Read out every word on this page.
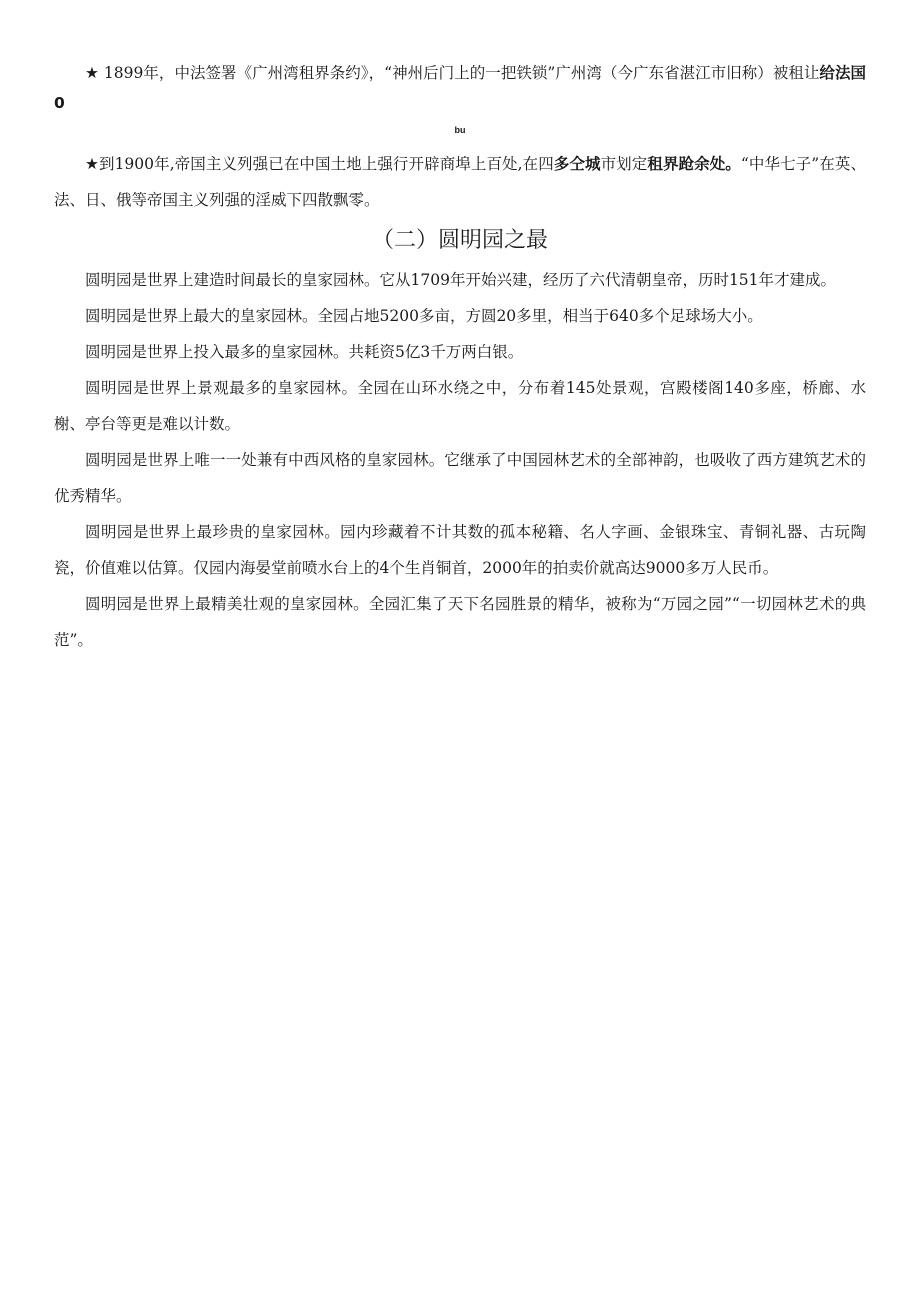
★ 1899年，中法签署《广州湾租界条约》，“神州后门上的一把铁锁”广州湾（今广东省湛江市旧称）被租让给法国0

bu

★到1900年,帝国主义列强已在中国土地上强行开辟商埠上百处,在四多仝城市划定租界跄余处。“中华七子”在英、法、日、俄等帝国主义列强的淫威下四散飘零。

（二）圆明园之最

圆明园是世界上建造时间最长的皇家园林。它从1709年开始兴建，经历了六代清朝皇帝，历时151年才建成。

圆明园是世界上最大的皇家园林。全园占地5200多亩，方圆20多里，相当于640多个足球场大小。

圆明园是世界上投入最多的皇家园林。共耗资5亿3千万两白银。

圆明园是世界上景观最多的皇家园林。全园在山环水绕之中，分布着145处景观，宫殿楼阁140多座，桥廊、水榭、亭台等更是难以计数。

圆明园是世界上唯一一处兼有中西风格的皇家园林。它继承了中国园林艺术的全部神韵，也吸收了西方建筑艺术的优秀精华。

圆明园是世界上最珍贵的皇家园林。园内珍藏着不计其数的孤本秘籍、名人字画、金银珠宝、青铜礼器、古玩陶瓷，价值难以估算。仅园内海晏堂前喷水台上的4个生肖铜首，2000年的拍卖价就高达9000多万人民币。

圆明园是世界上最精美壮观的皇家园林。全园汇集了天下名园胜景的精华，被称为“万园之园”“一切园林艺术的典范”。
